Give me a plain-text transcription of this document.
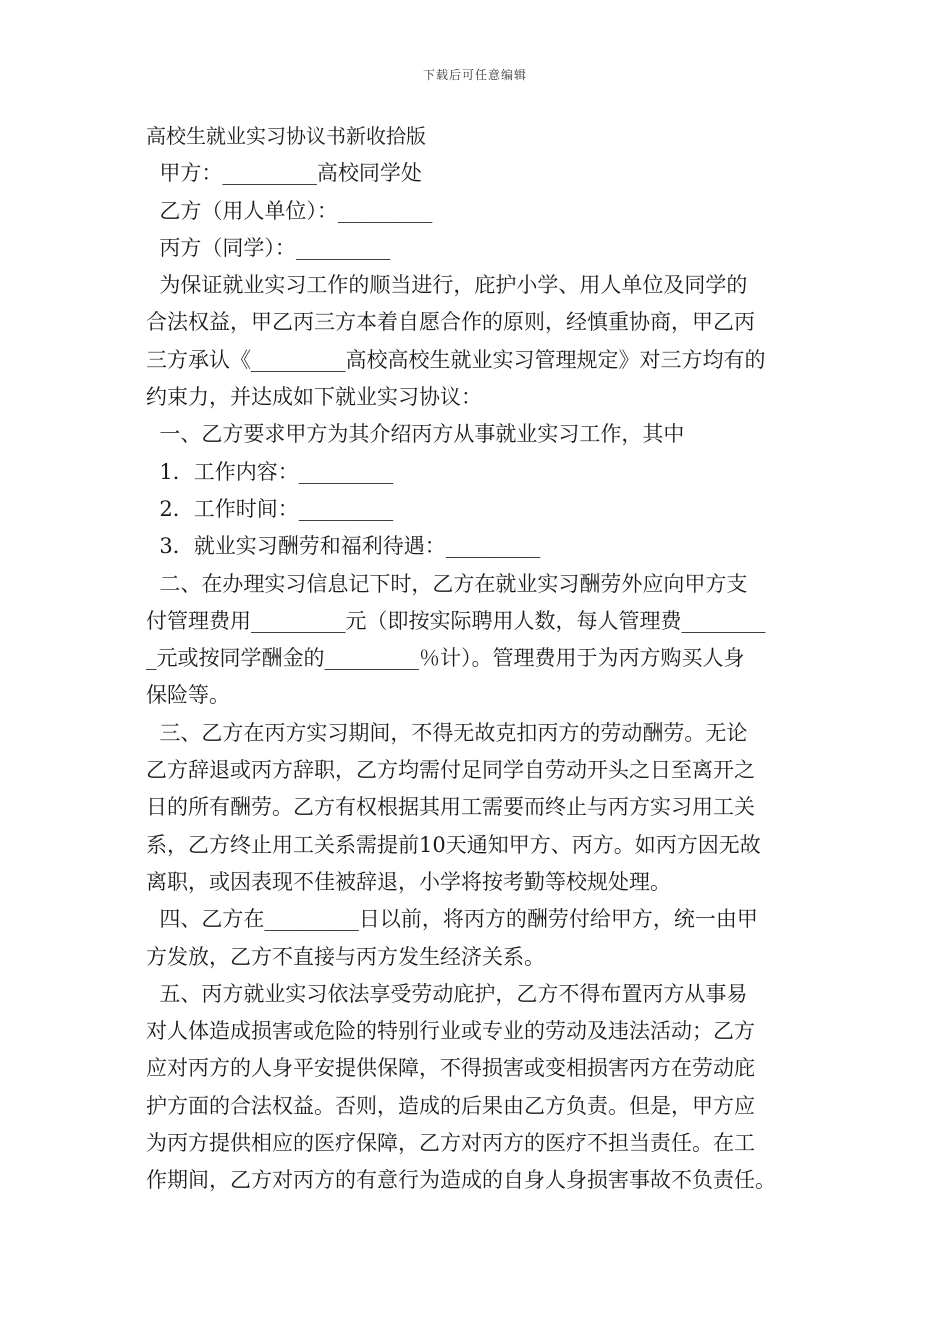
下载后可任意编辑

高校生就业实习协议书新收拾版

甲方：_________高校同学处

乙方（用人单位）：_________

丙方（同学）：_________

为保证就业实习工作的顺当进行，庇护小学、用人单位及同学的

合法权益，甲乙丙三方本着自愿合作的原则，经慎重协商，甲乙丙

三方承认《_________高校高校生就业实习管理规定》对三方均有的

约束力，并达成如下就业实习协议：

一、乙方要求甲方为其介绍丙方从事就业实习工作，其中

1．工作内容：_________

2．工作时间：_________

3．就业实习酬劳和福利待遇：_________

二、在办理实习信息记下时，乙方在就业实习酬劳外应向甲方支

付管理费用_________元（即按实际聘用人数，每人管理费________

_元或按同学酬金的_________％计）。管理费用于为丙方购买人身

保险等。

三、乙方在丙方实习期间，不得无故克扣丙方的劳动酬劳。无论

乙方辞退或丙方辞职，乙方均需付足同学自劳动开头之日至离开之

日的所有酬劳。乙方有权根据其用工需要而终止与丙方实习用工关

系，乙方终止用工关系需提前10天通知甲方、丙方。如丙方因无故

离职，或因表现不佳被辞退，小学将按考勤等校规处理。

四、乙方在_________日以前，将丙方的酬劳付给甲方，统一由甲

方发放，乙方不直接与丙方发生经济关系。

五、丙方就业实习依法享受劳动庇护，乙方不得布置丙方从事易

对人体造成损害或危险的特别行业或专业的劳动及违法活动；乙方

应对丙方的人身平安提供保障，不得损害或变相损害丙方在劳动庇

护方面的合法权益。否则，造成的后果由乙方负责。但是，甲方应

为丙方提供相应的医疗保障，乙方对丙方的医疗不担当责任。在工

作期间，乙方对丙方的有意行为造成的自身人身损害事故不负责任。
